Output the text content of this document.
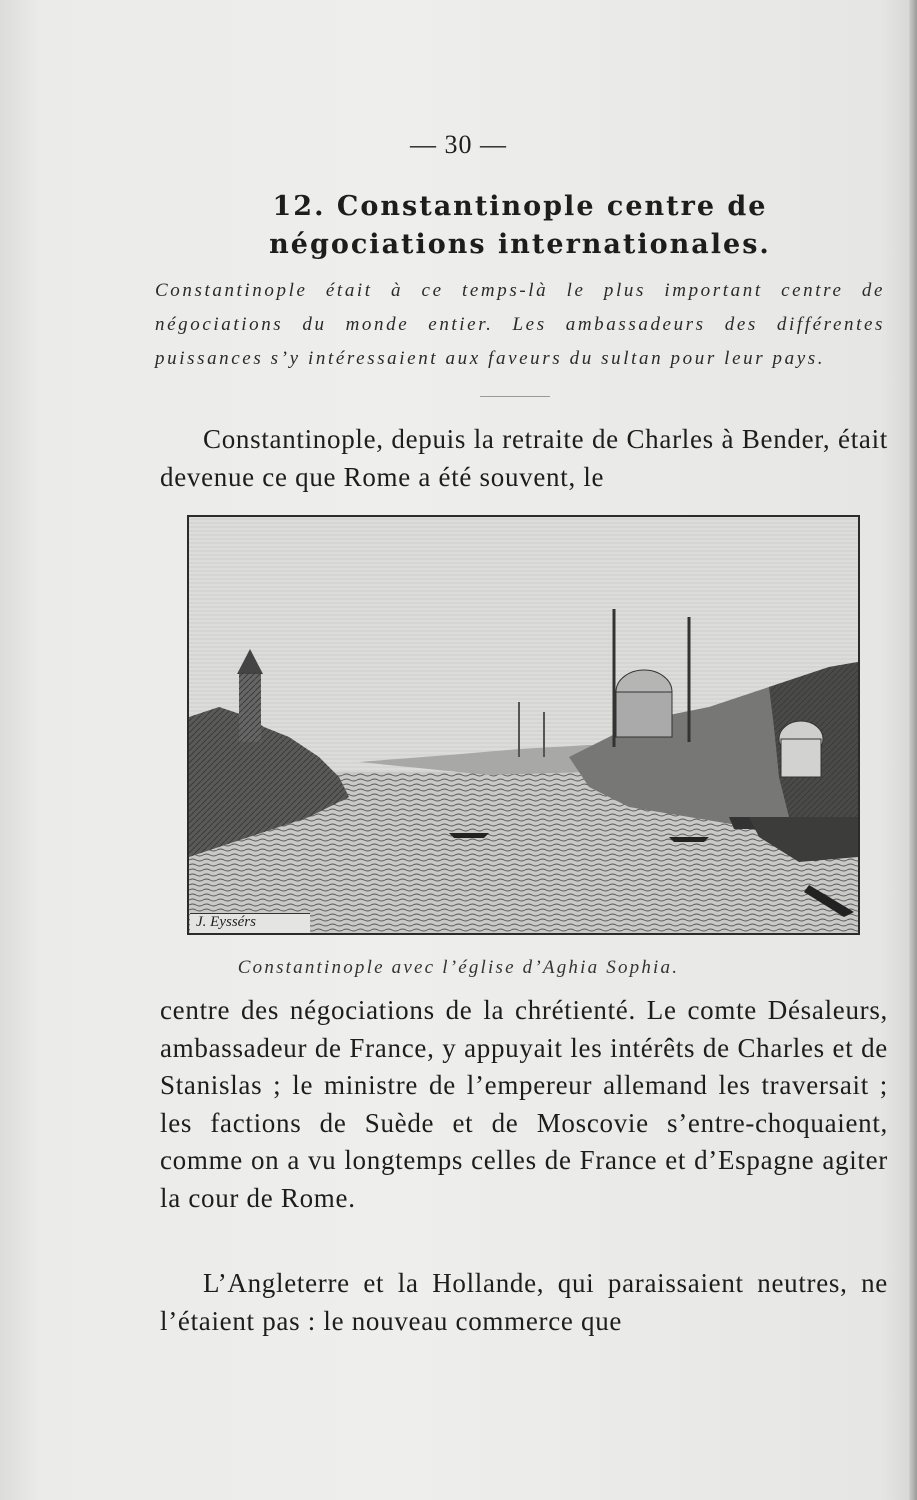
— 30 —
12. Constantinople centre de négociations internationales.
Constantinople était à ce temps-là le plus important centre de négociations du monde entier. Les ambassadeurs des différentes puissances s’y intéressaient aux faveurs du sultan pour leur pays.
Constantinople, depuis la retraite de Charles à Bender, était devenue ce que Rome a été souvent, le
J. Eyssérs
Constantinople avec l’église d’Aghia Sophia.
centre des négociations de la chrétienté. Le comte Désaleurs, ambassadeur de France, y appuyait les intérêts de Charles et de Stanislas ; le ministre de l’empereur allemand les traversait ; les factions de Suède et de Moscovie s’entre-choquaient, comme on a vu longtemps celles de France et d’Espagne agiter la cour de Rome.
L’Angleterre et la Hollande, qui paraissaient neutres, ne l’étaient pas : le nouveau commerce que
